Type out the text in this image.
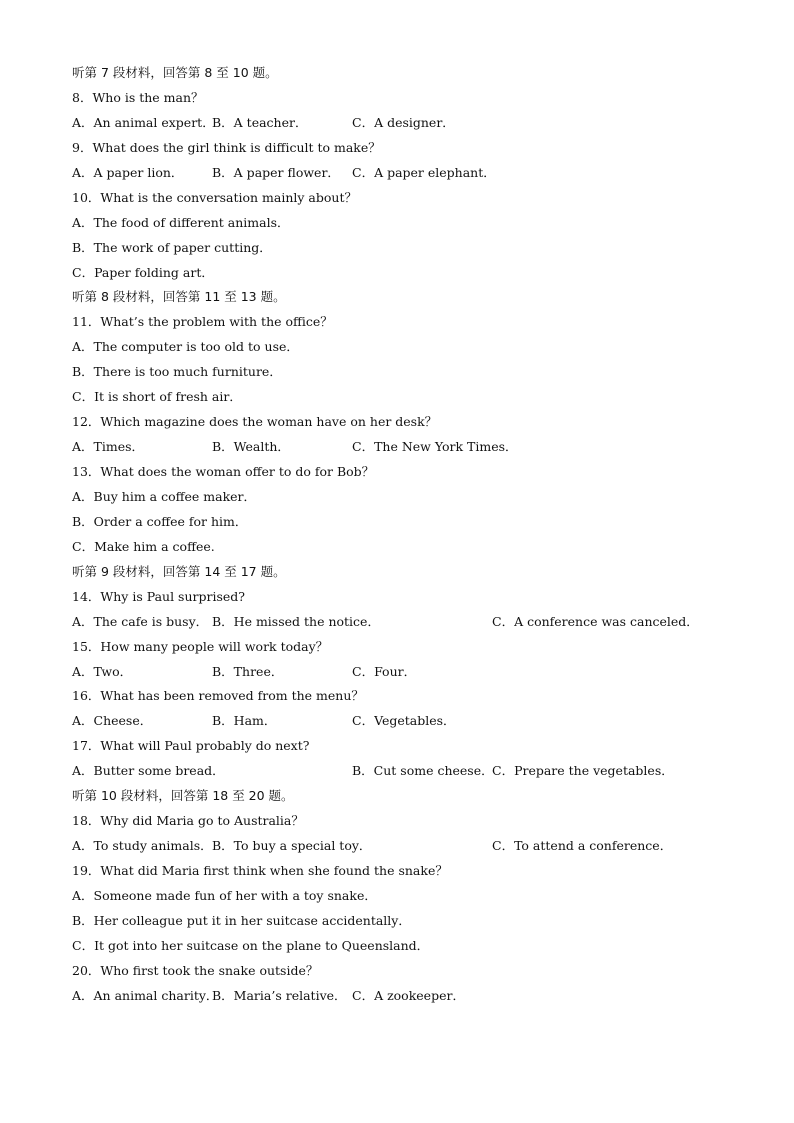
听第 7 段材料，回答第 8 至 10 题。
8．Who is the man？
A．An animal expert．
B．A teacher．	C．A designer．
9．What does the girl think is difficult to make？
A．A paper lion． B．A paper flower． C．A paper elephant．
10．What is the conversation mainly about？
A．The food of different animals．
B．The work of paper cutting．
C．Paper folding art．
听第 8 段材料，回答第 11 至 13 题。
11．What’s the problem with the office？
A．The computer is too old to use．
B．There is too much furniture．
C．It is short of fresh air．
12．Which magazine does the woman have on her desk？
A．Times．	B．Wealth．	C．The New York Times．
13．What does the woman offer to do for Bob？
A．Buy him a coffee maker．
B．Order a coffee for him．
C．Make him a coffee.
听第 9 段材料，回答第 14 至 17 题。
14．Why is Paul surprised?
A．The cafe is busy． B．He missed the notice．	C．A conference was canceled．
15．How many people will work today？
A．Two．	B．Three．	C．Four．
16．What has been removed from the menu？
A．Cheese．	B．Ham．	C．Vegetables．
17．What will Paul probably do next?
A．Butter some bread．	B．Cut some cheese．
C．Prepare the vegetables．
听第 10 段材料，回答第 18 至 20 题。
18．Why did Maria go to Australia？
A．To study animals． B．To buy a special toy．	C．To attend a conference．
19．What did Maria first think when she found the snake？
A．Someone made fun of her with a toy snake．
B．Her colleague put it in her suitcase accidentally．
C．It got into her suitcase on the plane to Queensland．
20．Who first took the snake outside？
A．An animal charity．
B．Maria’s relative． C．A zookeeper．
